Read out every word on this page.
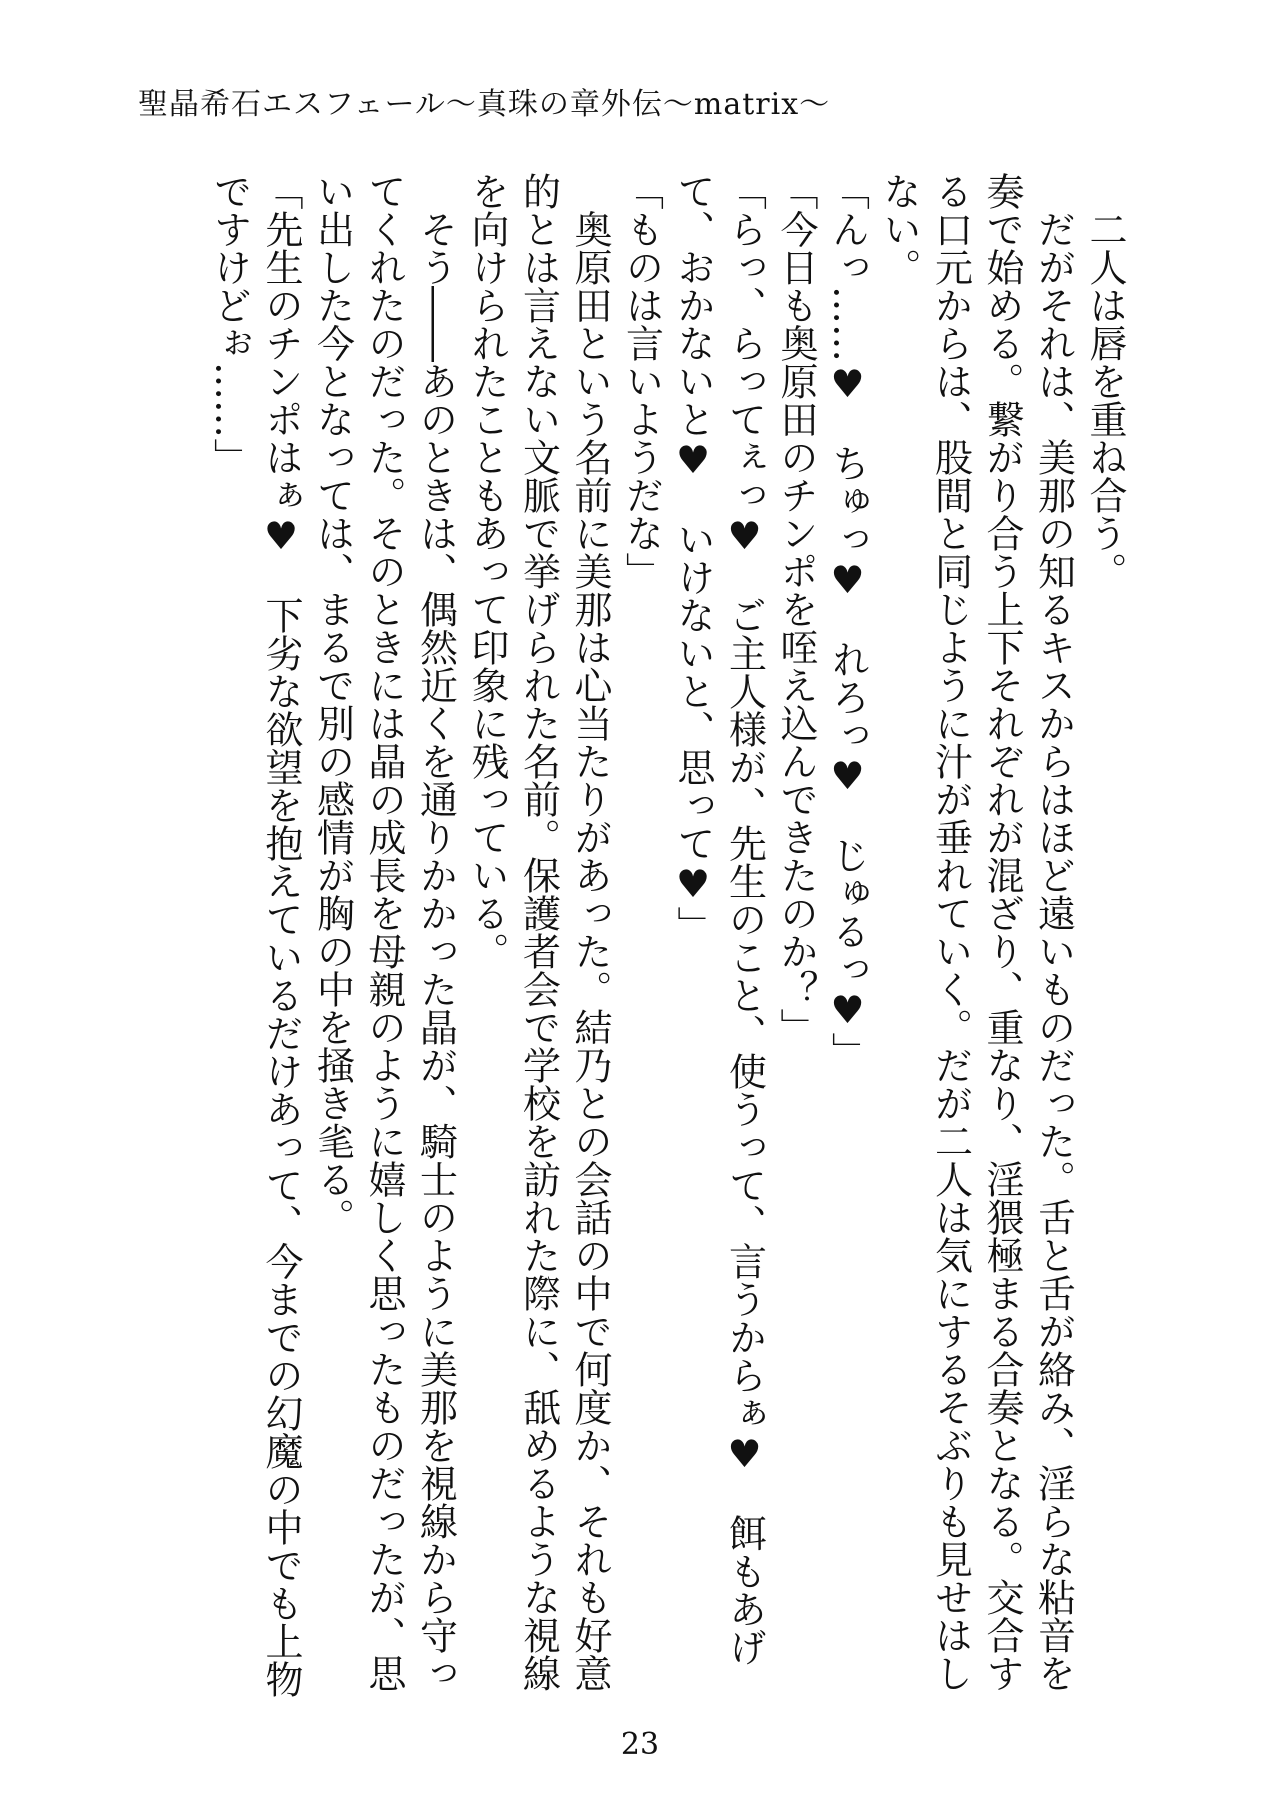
聖晶希石エスフェール～真珠の章外伝～matrix～

　二人は唇を重ね合う。

　だがそれは、美那の知るキスからはほど遠いものだった。舌と舌が絡み、淫らな粘音を奏で始める。繋がり合う上下それぞれが混ざり、重なり、淫猥極まる合奏となる。交合する口元からは、股間と同じように汁が垂れていく。だが二人は気にするそぶりも見せはしない。

「んっ……♥　ちゅっ♥　れろっ♥　じゅるっ♥」

「今日も奥原田のチンポを咥え込んできたのか？」

「らっ、らってぇっ♥　ご主人様が、先生のこと、使うって、言うからぁ♥　餌もあげて、おかないと♥　いけないと、思って♥」

「ものは言いようだな」

　奥原田という名前に美那は心当たりがあった。結乃との会話の中で何度か、それも好意的とは言えない文脈で挙げられた名前。保護者会で学校を訪れた際に、舐めるような視線を向けられたこともあって印象に残っている。

　そう――あのときは、偶然近くを通りかかった晶が、騎士のように美那を視線から守ってくれたのだった。そのときには晶の成長を母親のように嬉しく思ったものだったが、思い出した今となっては、まるで別の感情が胸の中を掻き毟る。

「先生のチンポはぁ♥　下劣な欲望を抱えているだけあって、今までの幻魔の中でも上物ですけどぉ……」

23
